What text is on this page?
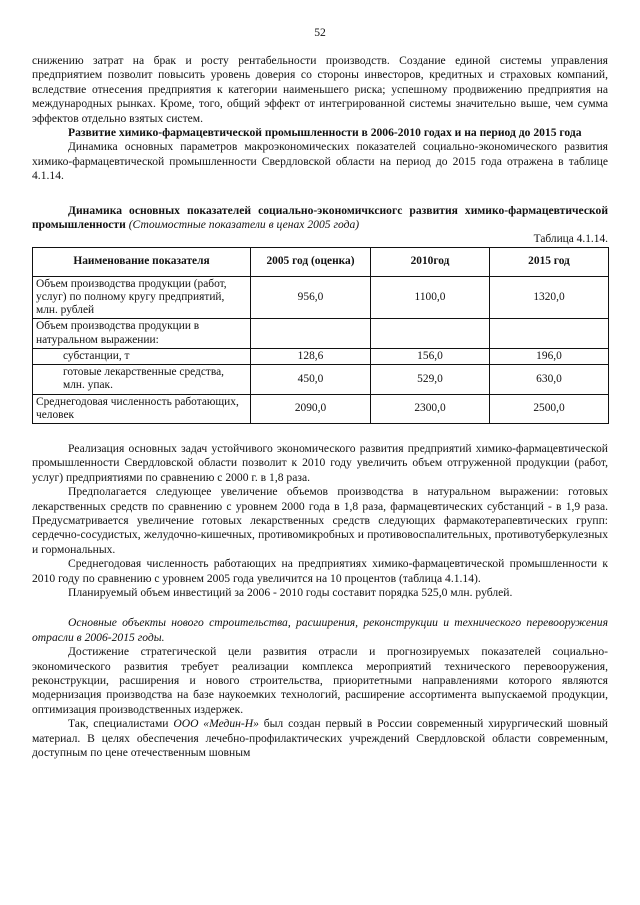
52

снижению затрат на брак и росту рентабельности производств. Создание единой системы управления предприятием позволит повысить уровень доверия со стороны инвесторов, кредитных и страховых компаний, вследствие отнесения предприятия к категории наименьшего риска; успешному продвижению предприятия на международных рынках. Кроме, того, общий эффект от интегрированной системы значительно выше, чем сумма эффектов отдельно взятых систем.

Развитие химико-фармацевтической промышленности в 2006-2010 годах и на период до 2015 года

Динамика основных параметров макроэкономических показателей социально-экономического развития химико-фармацевтической промышленности Свердловской области на период до 2015 года отражена в таблице 4.1.14.

Динамика основных показателей социально-экономичксиогс развития химико-фармацевтической промышленности (Стоимостные показатели в ценах 2005 года)

Таблица 4.1.14.
Наименование показателя	2005 год (оценка)	2010год	2015 год
Объем производства продукции (работ, услуг) по полному кругу предприятий, млн. рублей	956,0	1100,0	1320,0
Объем производства продукции в натуральном выражении:			
субстанции, т	128,6	156,0	196,0
готовые лекарственные средства, млн. упак.	450,0	529,0	630,0
Среднегодовая численность работающих, человек	2090,0	2300,0	2500,0

Реализация основных задач устойчивого экономического развития предприятий химико-фармацевтической промышленности Свердловской области позволит к 2010 году увеличить объем отгруженной продукции (работ, услуг) предприятиями по сравнению с 2000 г. в 1,8 раза.

Предполагается следующее увеличение объемов производства в натуральном выражении: готовых лекарственных средств по сравнению с уровнем 2000 года в 1,8 раза, фармацевтических субстанций - в 1,9 раза. Предусматривается увеличение готовых лекарственных средств следующих фармакотерапевтических групп: сердечно-сосудистых, желудочно-кишечных, противомикробных и противовоспалительных, противотуберкулезных и гормональных.

Среднегодовая численность работающих на предприятиях химико-фармацевтической промышленности к 2010 году по сравнению с уровнем 2005 года увеличится на 10 процентов (таблица 4.1.14).

Планируемый объем инвестиций за 2006 - 2010 годы составит порядка 525,0 млн. рублей.

Основные объекты нового строительства, расширения, реконструкции и технического перевооружения отрасли в 2006-2015 годы.

Достижение стратегической цели развития отрасли и прогнозируемых показателей социально-экономического развития требует реализации комплекса мероприятий технического перевооружения, реконструкции, расширения и нового строительства, приоритетными направлениями которого являются модернизация производства на базе наукоемких технологий, расширение ассортимента выпускаемой продукции, оптимизация производственных издержек.

Так, специалистами ООО «Медин-Н» был создан первый в России современный хирургический шовный материал. В целях обеспечения лечебно-профилактических учреждений Свердловской области современным, доступным по цене отечественным шовным
